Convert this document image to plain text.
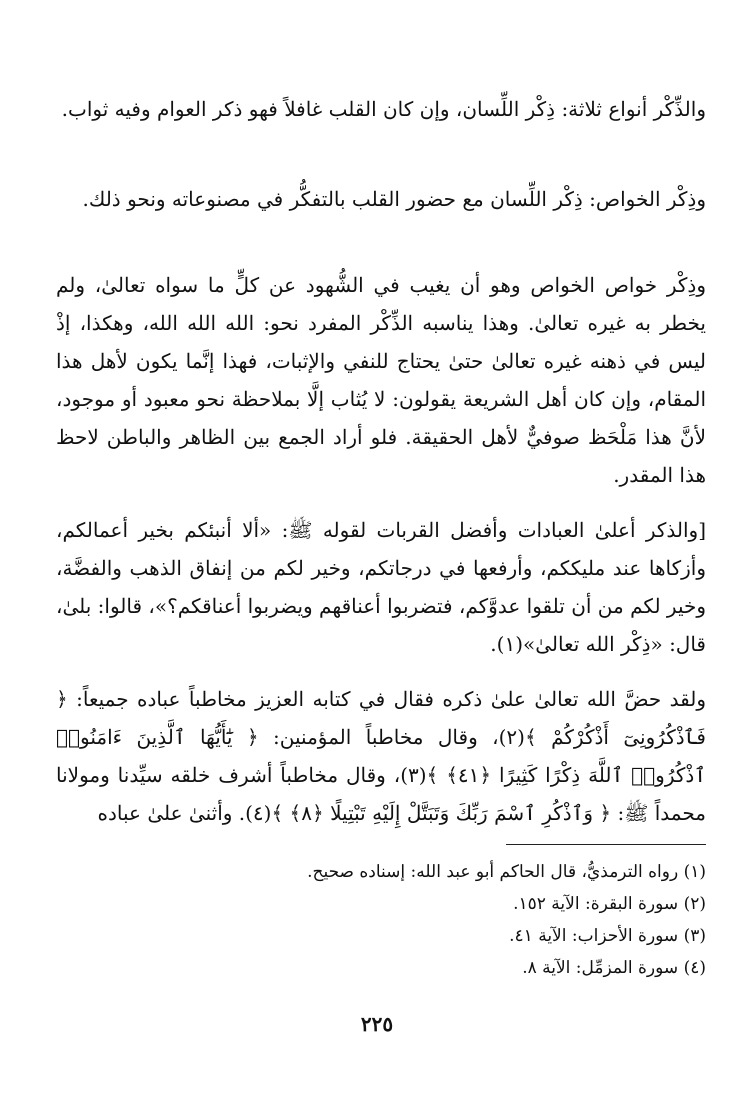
والذِّكْر أنواع ثلاثة: ذِكْر اللِّسان، وإن كان القلب غافلاً فهو ذكر العوام وفيه ثواب.
وذِكْر الخواص: ذِكْر اللِّسان مع حضور القلب بالتفكُّر في مصنوعاته ونحو ذلك.
وذِكْر خواص الخواص وهو أن يغيب في الشُّهود عن كلٍّ ما سواه تعالىٰ، ولم يخطر به غيره تعالىٰ. وهذا يناسبه الذِّكْر المفرد نحو: الله الله الله، وهكذا، إذْ ليس في ذهنه غيره تعالىٰ حتىٰ يحتاج للنفي والإثبات، فهذا إنَّما يكون لأهل هذا المقام، وإن كان أهل الشريعة يقولون: لا يُثاب إلَّا بملاحظة نحو معبود أو موجود، لأنَّ هذا مَلْحَظ صوفيٌّ لأهل الحقيقة. فلو أراد الجمع بين الظاهر والباطن لاحظ هذا المقدر.
[والذكر أعلىٰ العبادات وأفضل القربات لقوله ﷺ: «ألا أنبئكم بخير أعمالكم، وأزكاها عند مليككم، وأرفعها في درجاتكم، وخير لكم من إنفاق الذهب والفضَّة، وخير لكم من أن تلقوا عدوَّكم، فتضربوا أعناقهم ويضربوا أعناقكم؟»، قالوا: بلىٰ، قال: «ذِكْر الله تعالىٰ»(١).
ولقد حضَّ الله تعالىٰ علىٰ ذكره فقال في كتابه العزيز مخاطباً عباده جميعاً: ﴿ فَٱذْكُرُونِىٓ أَذْكُرْكُمْ ﴾(٢)، وقال مخاطباً المؤمنين: ﴿ يَٰٓأَيُّهَا ٱلَّذِينَ ءَامَنُوا۟ ٱذْكُرُوا۟ ٱللَّهَ ذِكْرًا كَثِيرًا ﴿٤١﴾ ﴾(٣)، وقال مخاطباً أشرف خلقه سيِّدنا ومولانا محمداً ﷺ: ﴿ وَٱذْكُرِ ٱسْمَ رَبِّكَ وَتَبَتَّلْ إِلَيْهِ تَبْتِيلًا ﴿٨﴾ ﴾(٤). وأثنىٰ علىٰ عباده
(١) رواه الترمذيُّ، قال الحاكم أبو عبد الله: إسناده صحيح.
(٢) سورة البقرة: الآية ١٥٢.
(٣) سورة الأحزاب: الآية ٤١.
(٤) سورة المزمِّل: الآية ٨.
٢٢٥
